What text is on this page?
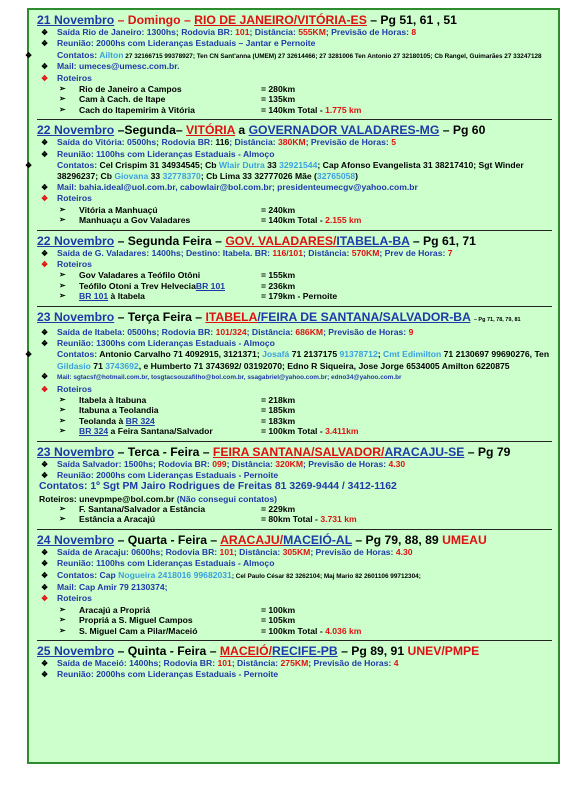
21 Novembro – Domingo – RIO DE JANEIRO/VITÓRIA-ES – Pg 51, 61 , 51
❖ Saída Rio de Janeiro: 1300hs; Rodovia BR: 101; Distância: 555KM; Previsão de Horas: 8
❖ Reunião: 2000hs com Lideranças Estaduais – Jantar e Pernoite
❖	Contatos: Ailton 27 32166715 99378927; Ten CN Sant'anna (UMEM) 27 32614466; 27 3281006 Ten Antonio 27 32180105; Cb Rangel, Guimarães 27 33247128
❖ Mail: umeces@umesc.com.br.
❖ Roteiros
➢ Rio de Janeiro a Campos	= 280km
➢ Cam à Cach. de Itape	= 135km
➢ Cach do Itapemirim à Vitória	= 140km Total - 1.775 km
22 Novembro –Segunda– VITÓRIA a GOVERNADOR VALADARES-MG – Pg 60
❖ Saída do Vitória: 0500hs; Rodovia BR: 116; Distância: 380KM; Previsão de Horas: 5
❖ Reunião: 1100hs com Lideranças Estaduais - Almoço
❖	Contatos: Cel Crispim 31 34934545; Cb Wlair Dutra 33 32921544; Cap Afonso Evangelista 31 38217410; Sgt Winder 38296237; Cb Giovana 33 32778370; Cb Lima 33 32777026 Mãe (32765058)
❖ Mail: bahia.ideal@uol.com.br, cabowlair@bol.com.br; presidenteumecgv@yahoo.com.br
❖ Roteiros
➢ Vitória a Manhuaçú	= 240km
➢ Manhuaçu a Gov Valadares	= 140km Total - 2.155 km
22 Novembro – Segunda Feira – GOV. VALADARES/ITABELA-BA – Pg 61, 71
❖ Saída de G. Valadares: 1400hs; Destino: Itabela. BR: 116/101; Distância: 570KM; Prev de Horas: 7
❖ Roteiros
➢ Gov Valadares a Teófilo Otôni	= 155km
➢ Teófilo Otoni a Trev HelveciaBR 101	= 236km
➢ BR 101 à Itabela	= 179km - Pernoite
23 Novembro – Terça Feira – ITABELA/FEIRA DE SANTANA/SALVADOR-BA – Pg 71, 78, 79, 81
❖ Saída de Itabela: 0500hs; Rodovia BR: 101/324; Distância: 686KM; Previsão de Horas: 9
❖ Reunião: 1300hs com Lideranças Estaduais - Almoço
❖	Contatos: Antonio Carvalho 71 4092915, 3121371; Josafá 71 2137175 91378712; Cmt Edimilton 71 2130697 99690276, Ten Gildasio 71 3743692, e Humberto 71 3743692/ 03192070; Edno R Siqueira, Jose Jorge 6534005 Amilton 6220875
❖ Mail: sgtacsf@hotmail.com.br, tosgtacsouzafilho@bol.com.br, ssagabriel@yahoo.com.br; edno34@yahoo.com.br
❖ Roteiros
➢ Itabela à Itabuna	= 218km
➢ Itabuna a Teolandia	= 185km
➢ Teolanda à BR 324	= 183km
➢ BR 324 a Feira Santana/Salvador	= 100km Total - 3.411km
23 Novembro – Terca - Feira – FEIRA SANTANA/SALVADOR/ARACAJU-SE – Pg 79
❖ Saída Salvador: 1500hs; Rodovia BR: 099; Distância: 320KM; Previsão de Horas: 4.30
❖ Reunião: 2000hs com Lideranças Estaduais - Pernoite
Contatos: 1º Sgt PM Jairo Rodrigues de Freitas 81 3269-9444 / 3412-1162
Roteiros: unevpmpe@bol.com.br (Não consegui contatos)
➢ F. Santana/Salvador a Estância	= 229km
➢ Estância a Aracajú	= 80km Total - 3.731 km
24 Novembro – Quarta - Feira – ARACAJU/MACEIÓ-AL – Pg 79, 88, 89 UMEAU
❖ Saída de Aracaju: 0600hs; Rodovia BR: 101; Distância: 305KM; Previsão de Horas: 4.30
❖ Reunião: 1100hs com Lideranças Estaduais - Almoço
❖ Contatos: Cap Nogueira 2418016 99682031; Cel Paulo César 82 3262104; Maj Mario 82 2601106 99712304;
❖ Mail: Cap Amir 79 2130374;
❖ Roteiros
➢ Aracajú a Propriá	= 100km
➢ Propriá a S. Miguel Campos	= 105km
➢ S. Miguel Cam a Pilar/Maceió	= 100km Total - 4.036 km
25 Novembro – Quinta - Feira – MACEIÓ/RECIFE-PB – Pg 89, 91 UNEV/PMPE
❖ Saída de Maceió: 1400hs; Rodovia BR: 101; Distância: 275KM; Previsão de Horas: 4
❖ Reunião: 2000hs com Lideranças Estaduais - Pernoite
